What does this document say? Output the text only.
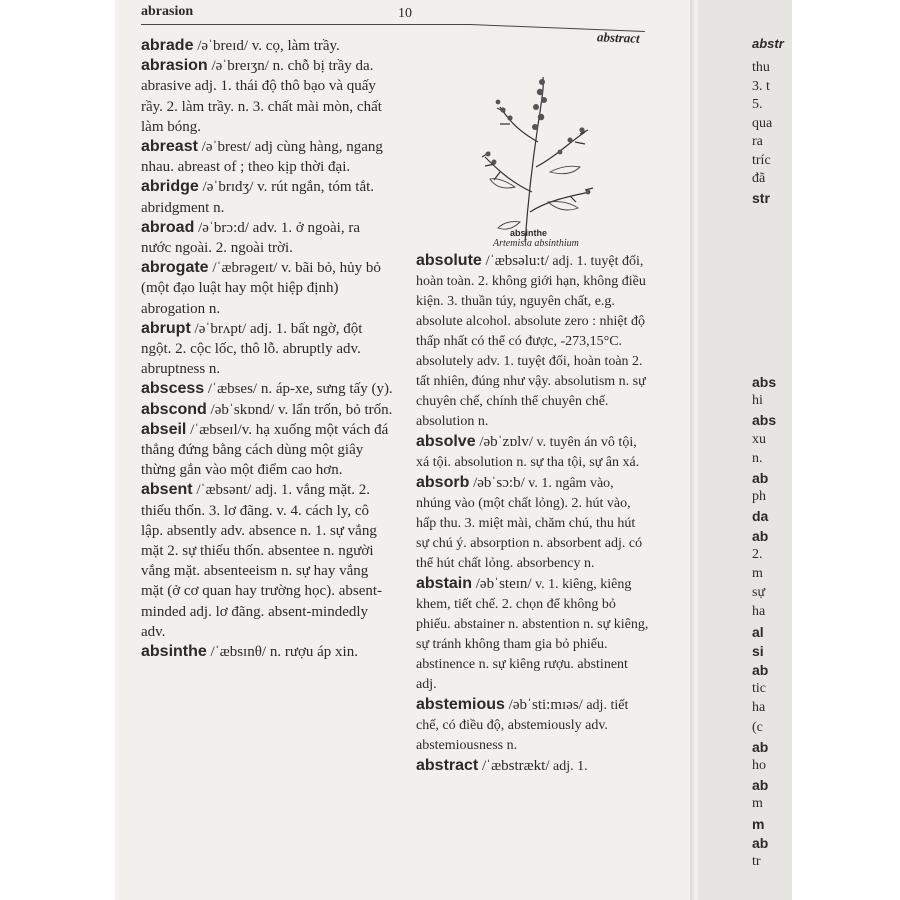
abrasion	10
abstract
absinthe
Artemisia absinthium

abrade /əˈbreɪd/ v. cọ, làm trầy.

abrasion /əˈbreɪʒn/ n. chỗ bị trầy da. abrasive adj. 1. thái độ thô bạo và quấy rầy. 2. làm trầy. n. 3. chất mài mòn, chất làm bóng.

abreast /əˈbrest/ adj cùng hàng, ngang nhau. abreast of ; theo kịp thời đại.

abridge /əˈbrɪdʒ/ v. rút ngắn, tóm tắt. abridgment n.

abroad /əˈbrɔ:d/ adv. 1. ở ngoài, ra nước ngoài. 2. ngoài trời.

abrogate /ˈæbrəgeɪt/ v. bãi bỏ, hủy bỏ (một đạo luật hay một hiệp định) abrogation n.

abrupt /əˈbrʌpt/ adj. 1. bất ngờ, đột ngột. 2. cộc lốc, thô lỗ. abruptly adv. abruptness n.

abscess /ˈæbses/ n. áp-xe, sưng tấy (y).

abscond /əbˈskɒnd/ v. lẩn trốn, bỏ trốn.

abseil /ˈæbseɪl/v. hạ xuống một vách đá thẳng đứng bằng cách dùng một giây thừng gắn vào một điểm cao hơn.

absent /ˈæbsənt/ adj. 1. vắng mặt. 2. thiếu thốn. 3. lơ đãng. v. 4. cách ly, cô lập. absently adv. absence n. 1. sự vắng mặt 2. sự thiếu thốn. absentee n. người vắng mặt. absenteeism n. sự hay vắng mặt (ở cơ quan hay trường học). absent-minded adj. lơ đãng. absent-mindedly adv.

absinthe /ˈæbsɪnθ/ n. rượu áp xin.

absolute /ˈæbsəlu:t/ adj. 1. tuyệt đối, hoàn toàn. 2. không giới hạn, không điều kiện. 3. thuần túy, nguyên chất, e.g. absolute alcohol. absolute zero : nhiệt độ thấp nhất có thể có được, -273,15°C. absolutely adv. 1. tuyệt đối, hoàn toàn 2. tất nhiên, đúng như vậy. absolutism n. sự chuyên chế, chính thể chuyên chế. absolution n.

absolve /əbˈzɒlv/ v. tuyên án vô tội, xá tội. absolution n. sự tha tội, sự ân xá.

absorb /əbˈsɔ:b/ v. 1. ngâm vào, nhúng vào (một chất lỏng). 2. hút vào, hấp thu. 3. miệt mài, chăm chú, thu hút sự chú ý. absorption n. absorbent adj. có thể hút chất lỏng. absorbency n.

abstain /əbˈsteɪn/ v. 1. kiêng, kiêng khem, tiết chế. 2. chọn để không bỏ phiếu. abstainer n. abstention n. sự kiêng, sự tránh không tham gia bỏ phiếu. abstinence n. sự kiêng rượu. abstinent adj.

abstemious /əbˈsti:mɪəs/ adj. tiết chế, có điều độ, abstemiously adv. abstemiousness n.

abstract /ˈæbstrækt/ adj. 1.

abstr
thu
3. t
5.
qua
ra
tríc
đã
str
abs
hi
abs
xu
n.
ab
ph
da
ab
2.
m
sự
ha
al
si
ab
tic
ha
(c
ab
ho
ab
m
m
ab
tr
